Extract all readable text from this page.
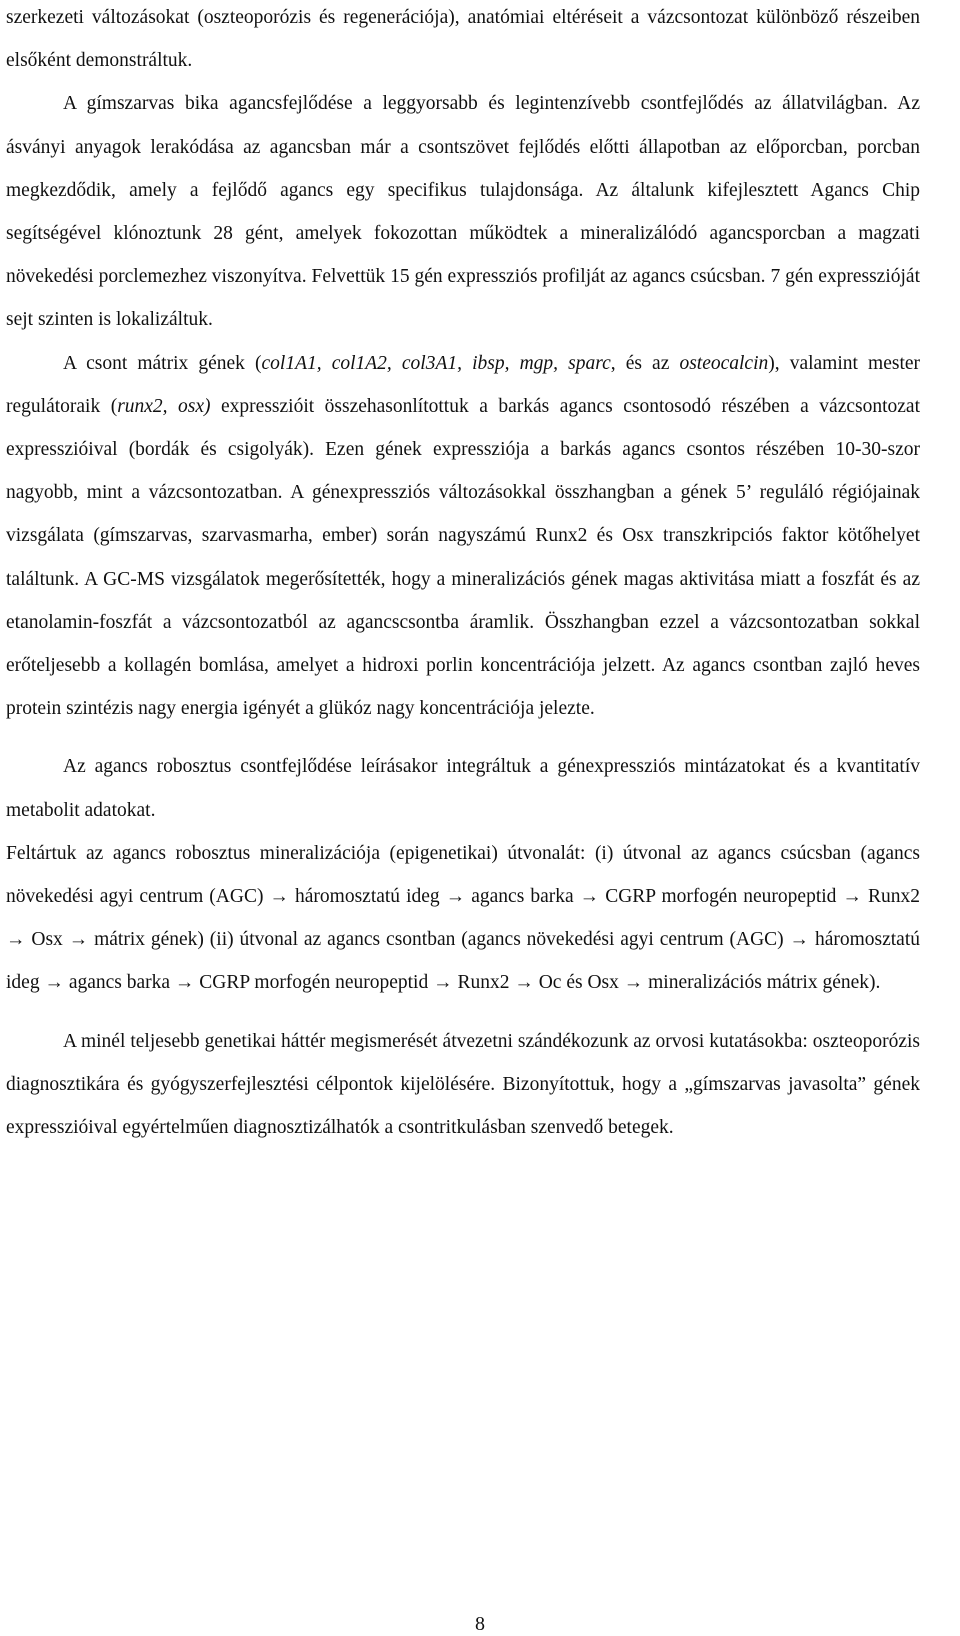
szerkezeti változásokat (oszteoporózis és regenerációja), anatómiai eltéréseit a vázcsontozat különböző részeiben elsőként demonstráltuk.

A gímszarvas bika agancsfejlődése a leggyorsabb és legintenzívebb csontfejlődés az állatvilágban. Az ásványi anyagok lerakódása az agancsban már a csontszövet fejlődés előtti állapotban az előporcban, porcban megkezdődik, amely a fejlődő agancs egy specifikus tulajdonsága. Az általunk kifejlesztett Agancs Chip segítségével klónoztunk 28 gént, amelyek fokozottan működtek a mineralizálódó agancsporcban a magzati növekedési porclemezhez viszonyítva. Felvettük 15 gén expressziós profilját az agancs csúcsban. 7 gén expresszióját sejt szinten is lokalizáltuk.

A csont mátrix gének (col1A1, col1A2, col3A1, ibsp, mgp, sparc, és az osteocalcin), valamint mester regulátoraik (runx2, osx) expresszióit összehasonlítottuk a barkás agancs csontosodó részében a vázcsontozat expresszióival (bordák és csigolyák). Ezen gének expressziója a barkás agancs csontos részében 10-30-szor nagyobb, mint a vázcsontozatban. A génexpressziós változásokkal összhangban a gének 5’ reguláló régiójainak vizsgálata (gímszarvas, szarvasmarha, ember) során nagyszámú Runx2 és Osx transzkripciós faktor kötőhelyet találtunk. A GC-MS vizsgálatok megerősítették, hogy a mineralizációs gének magas aktivitása miatt a foszfát és az etanolamin-foszfát a vázcsontozatból az agancscsontba áramlik. Összhangban ezzel a vázcsontozatban sokkal erőteljesebb a kollagén bomlása, amelyet a hidroxi porlin koncentrációja jelzett. Az agancs csontban zajló heves protein szintézis nagy energia igényét a glükóz nagy koncentrációja jelezte.

Az agancs robosztus csontfejlődése leírásakor integráltuk a génexpressziós mintázatokat és a kvantitatív metabolit adatokat.

Feltártuk az agancs robosztus mineralizációja (epigenetikai) útvonalát: (i) útvonal az agancs csúcsban (agancs növekedési agyi centrum (AGC) → háromosztatú ideg → agancs barka → CGRP morfogén neuropeptid → Runx2 → Osx → mátrix gének) (ii) útvonal az agancs csontban (agancs növekedési agyi centrum (AGC) → háromosztatú ideg → agancs barka → CGRP morfogén neuropeptid → Runx2 → Oc és Osx → mineralizációs mátrix gének).

A minél teljesebb genetikai háttér megismerését átvezetni szándékozunk az orvosi kutatásokba: oszteoporózis diagnosztikára és gyógyszerfejlesztési célpontok kijelölésére. Bizonyítottuk, hogy a „gímszarvas javasolta” gének expresszióival egyértelműen diagnosztizálhatók a csontritkulásban szenvedő betegek.

8
